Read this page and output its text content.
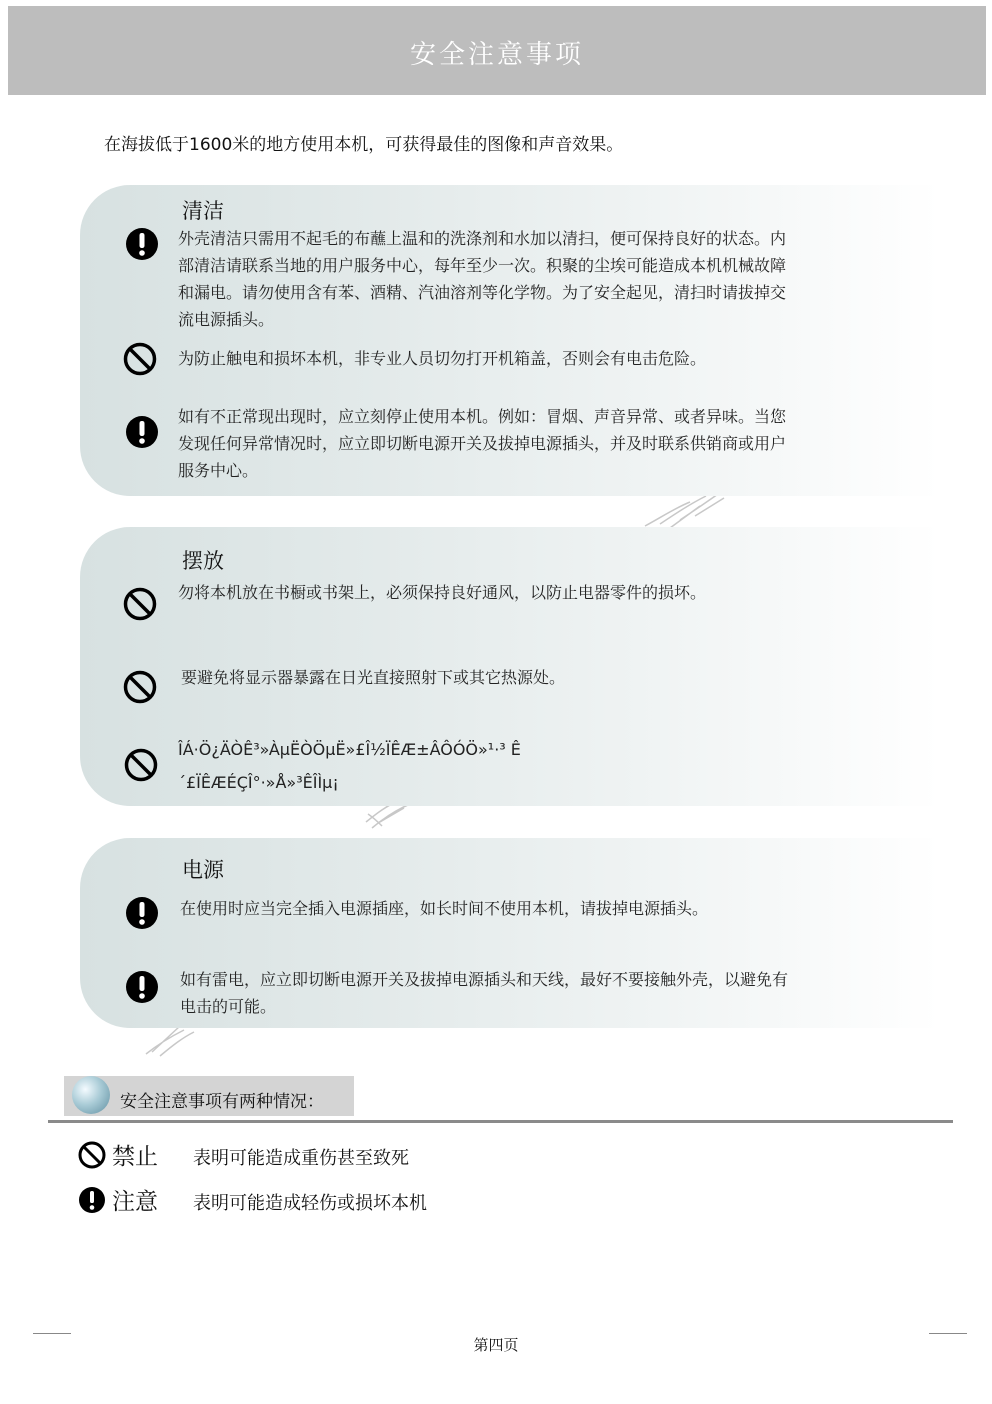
安全注意事项
在海拔低于1600米的地方使用本机，可获得最佳的图像和声音效果。
清洁
外壳清洁只需用不起毛的布蘸上温和的洗涤剂和水加以清扫，便可保持良好的状态。内部清洁请联系当地的用户服务中心，每年至少一次。积聚的尘埃可能造成本机机械故障和漏电。请勿使用含有苯、酒精、汽油溶剂等化学物。为了安全起见，清扫时请拔掉交流电源插头。
为防止触电和损坏本机，非专业人员切勿打开机箱盖，否则会有电击危险。
如有不正常现出现时，应立刻停止使用本机。例如：冒烟、声音异常、或者异味。当您发现任何异常情况时，应立即切断电源开关及拔掉电源插头，并及时联系供销商或用户服务中心。
摆放
勿将本机放在书橱或书架上，必须保持良好通风，以防止电器零件的损坏。
要避免将显示器暴露在日光直接照射下或其它热源处。
ÎÁ·Ö¿ÄÒÊ³»ÀµËÒÖµË»£Î½ÏÊÆ±ÂÔÓÖ»¹·³ Ê´£ÏÊÆÉÇÎ°·»Å»³ÊÎÌµ¡
电源
在使用时应当完全插入电源插座，如长时间不使用本机，请拔掉电源插头。
如有雷电，应立即切断电源开关及拔掉电源插头和天线，最好不要接触外壳，以避免有电击的可能。
安全注意事项有两种情况：
禁止 表明可能造成重伤甚至致死
注意 表明可能造成轻伤或损坏本机
第四页
